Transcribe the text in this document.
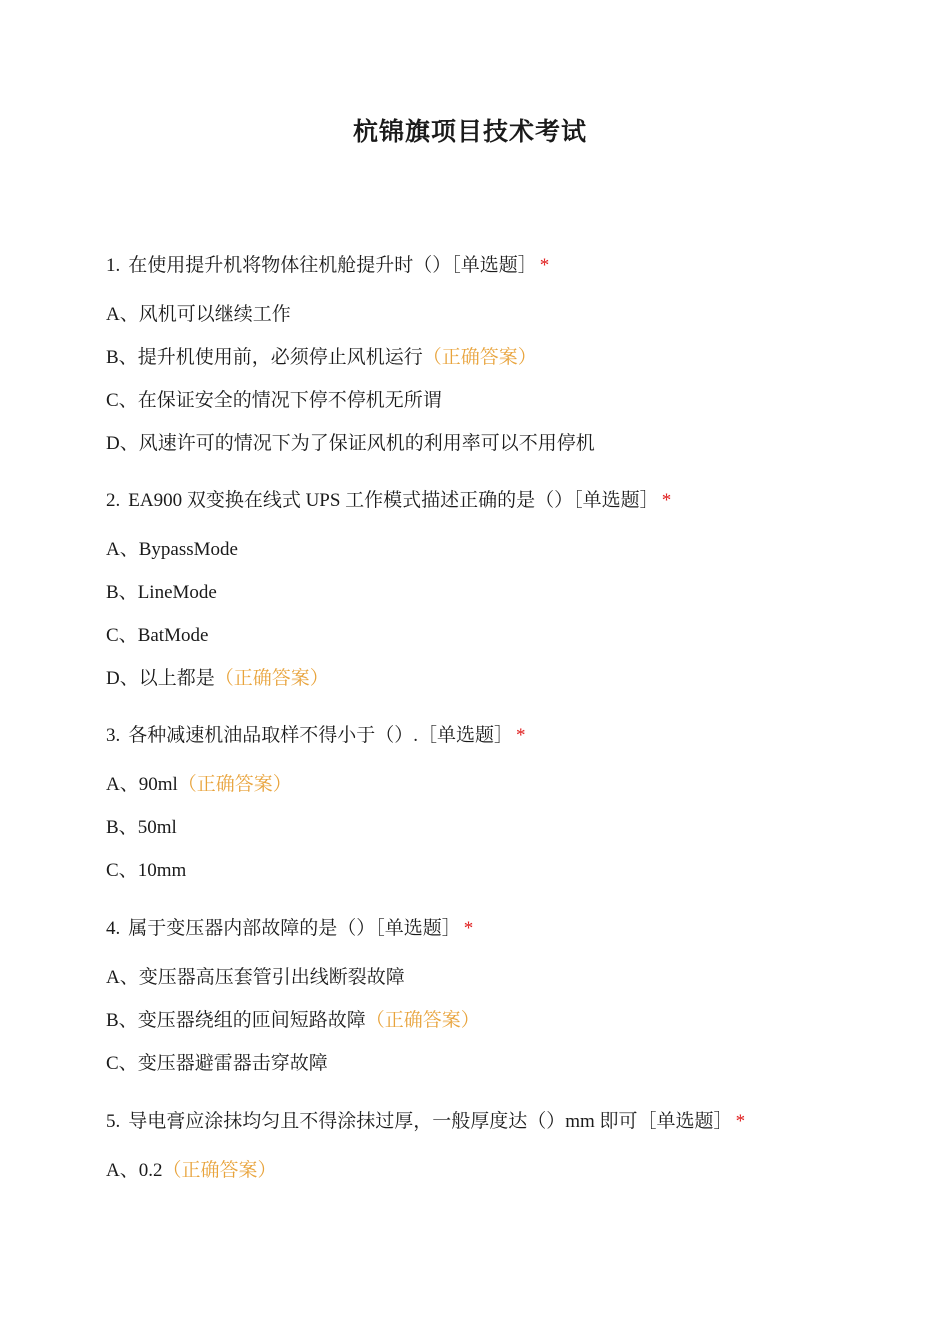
杭锦旗项目技术考试
1. 在使用提升机将物体往机舱提升时（）［单选题］ *
A、风机可以继续工作
B、提升机使用前，必须停止风机运行（正确答案）
C、在保证安全的情况下停不停机无所谓
D、风速许可的情况下为了保证风机的利用率可以不用停机
2. EA900 双变换在线式 UPS 工作模式描述正确的是（）［单选题］ *
A、BypassMode
B、LineMode
C、BatMode
D、以上都是（正确答案）
3. 各种减速机油品取样不得小于（）.［单选题］ *
A、90ml（正确答案）
B、50ml
C、10mm
4. 属于变压器内部故障的是（）［单选题］ *
A、变压器高压套管引出线断裂故障
B、变压器绕组的匝间短路故障（正确答案）
C、变压器避雷器击穿故障
5. 导电膏应涂抹均匀且不得涂抹过厚，一般厚度达（）mm 即可［单选题］ *
A、0.2（正确答案）
